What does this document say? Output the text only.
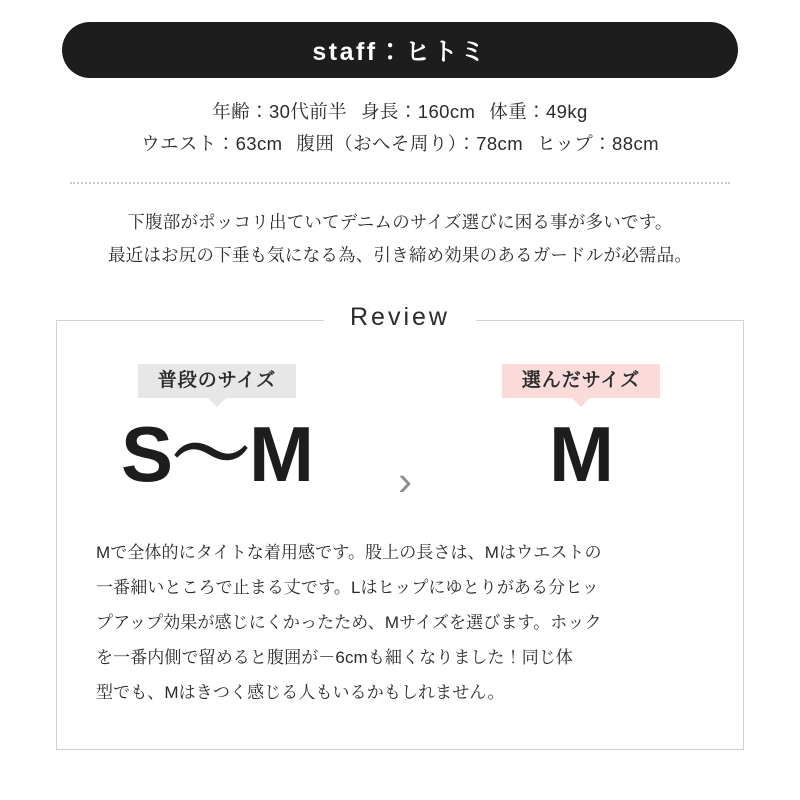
staff：ヒトミ
年齢：30代前半 身長：160cm 体重：49kg
ウエスト：63cm 腹囲（おへそ周り）：78cm ヒップ：88cm
下腹部がポッコリ出ていてデニムのサイズ選びに困る事が多いです。
最近はお尻の下垂も気になる為、引き締め効果のあるガードルが必需品。
Review
普段のサイズ
S〜M	›
選んだサイズ
M

Mで全体的にタイトな着用感です。股上の長さは、Mはウエストの

一番細いところで止まる丈です。Lはヒップにゆとりがある分ヒッ

プアップ効果が感じにくかったため、Mサイズを選びます。ホック

を一番内側で留めると腹囲が－6cmも細くなりました！同じ体

型でも、Mはきつく感じる人もいるかもしれません。
